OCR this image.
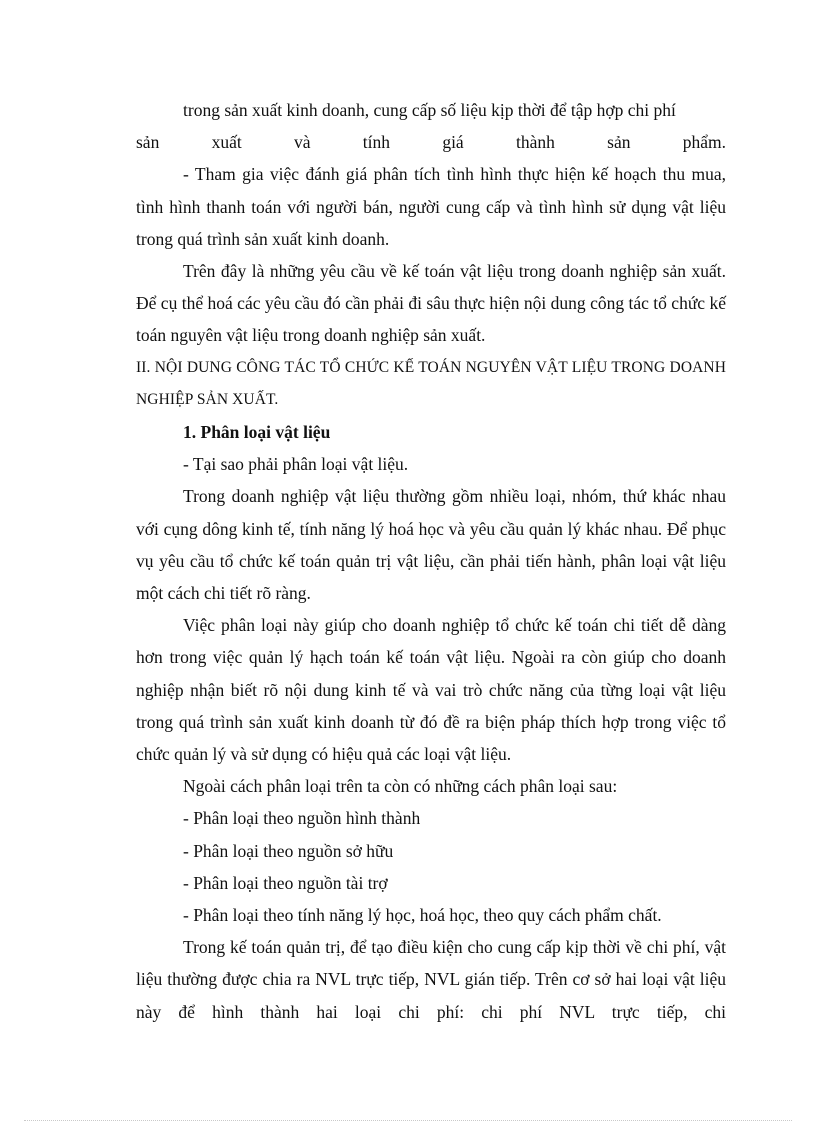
trong sản xuất kinh doanh, cung cấp số liệu kịp thời để tập hợp chi phí

sản xuất và tính giá thành sản phẩm.

- Tham gia việc đánh giá phân tích tình hình thực hiện kế hoạch thu mua, tình hình thanh toán với người bán, người cung cấp và tình hình sử dụng vật liệu trong quá trình sản xuất kinh doanh.

Trên đây là những yêu cầu về kế toán vật liệu trong doanh nghiệp sản xuất. Để cụ thể hoá các yêu cầu đó cần phải đi sâu thực hiện nội dung công tác tổ chức kế toán nguyên vật liệu trong doanh nghiệp sản xuất.

II. NỘI DUNG CÔNG TÁC TỔ CHỨC KẾ TOÁN NGUYÊN VẬT LIỆU TRONG DOANH NGHIỆP SẢN XUẤT.

1. Phân loại vật liệu

- Tại sao phải phân loại vật liệu.

Trong doanh nghiệp vật liệu thường gồm nhiều loại, nhóm, thứ khác nhau với cụng dông kinh tế, tính năng lý hoá học và yêu cầu quản lý khác nhau. Để phục vụ yêu cầu tổ chức kế toán quản trị vật liệu, cần phải tiến hành, phân loại vật liệu một cách chi tiết rõ ràng.

Việc phân loại này giúp cho doanh nghiệp tổ chức kế toán chi tiết dễ dàng hơn trong việc quản lý hạch toán kế toán vật liệu. Ngoài ra còn giúp cho doanh nghiệp nhận biết rõ nội dung kinh tế và vai trò chức năng của từng loại vật liệu trong quá trình sản xuất kinh doanh từ đó đề ra biện pháp thích hợp trong việc tổ chức quản lý và sử dụng có hiệu quả các loại vật liệu.

Ngoài cách phân loại trên ta còn có những cách phân loại sau:

- Phân loại theo nguồn hình thành

- Phân loại theo nguồn sở hữu

- Phân loại theo nguồn tài trợ

- Phân loại theo tính năng lý học, hoá học, theo quy cách phẩm chất.

Trong kế toán quản trị, để tạo điều kiện cho cung cấp kịp thời về chi phí, vật liệu thường được chia ra NVL trực tiếp, NVL gián tiếp. Trên cơ sở hai loại vật liệu này để hình thành hai loại chi phí: chi phí NVL trực tiếp, chi
